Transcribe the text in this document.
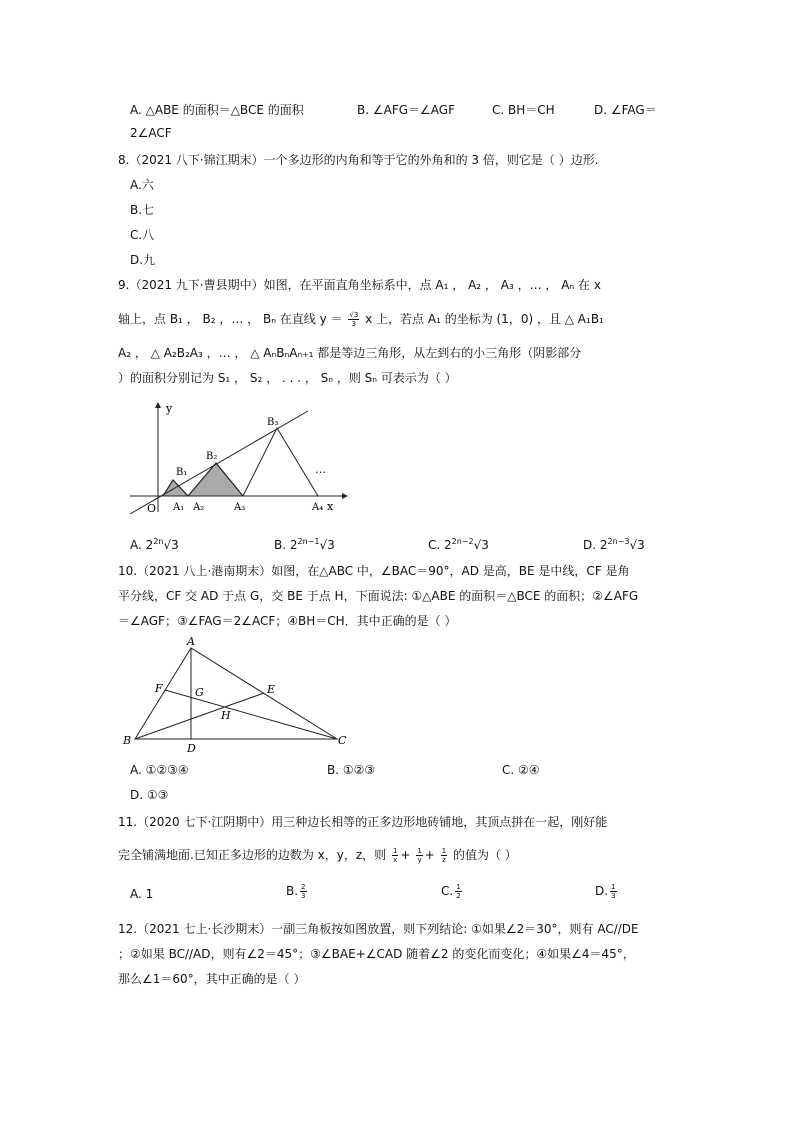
A. △ABE 的面积＝△BCE 的面积	B. ∠AFG＝∠AGF	C. BH＝CH	D. ∠FAG＝
2∠ACF
8.（2021 八下·锦江期末）一个多边形的内角和等于它的外角和的 3 倍，则它是（ ）边形.
A.六
B.七
C.八
D.九
9.（2021 九下·曹县期中）如图，在平面直角坐标系中，点 A₁ ， A₂ ， A₃ ，… ， Aₙ 在 x
轴上，点 B₁ ， B₂ ，… ， Bₙ 在直线 $y = \frac{√3}{3}$ x 上，若点 A₁ 的坐标为 (1，0) ，且 △ A₁B₁
A₂ ， △ A₂B₂A₃ ，… ， △ AₙBₙAₙ₊₁ 都是等边三角形，从左到右的小三角形（阴影部分
）的面积分别记为 S₁ ， S₂ ， . . . ， Sₙ ，则 Sₙ 可表示为（ ）
y
O	x
B₁
B₂
B₃
A₁ A₂	A₃	A₄
…
A. $2^{2n}√3$	B. $2^{2n-1}√3$	C. $2^{2n-2}√3$	D. $2^{2n-3}√3$
10.（2021 八上·港南期末）如图，在△ABC 中，∠BAC＝90°，AD 是高，BE 是中线，CF 是角
平分线，CF 交 AD 于点 G，交 BE 于点 H，下面说法: ①△ABE 的面积＝△BCE 的面积；②∠AFG
＝∠AGF；③∠FAG＝2∠ACF；④BH＝CH．其中正确的是（ ）
A
B	C
D
E
F	G
H
A. ①②③④	B. ①②③	C. ②④
D. ①③
11.（2020 七下·江阴期中）用三种边长相等的正多边形地砖铺地，其顶点拼在一起，刚好能
完全铺满地面.已知正多边形的边数为 x，y，z，则 $\frac{1}{x} + \frac{1}{y} + \frac{1}{z}$ 的值为（ ）
A. 1	B. $\frac{2}{3}$	C. $\frac{1}{2}$	D. $\frac{1}{3}$
12.（2021 七上·长沙期末）一副三角板按如图放置，则下列结论: ①如果∠2＝30°，则有 AC//DE
；②如果 BC//AD，则有∠2＝45°；③∠BAE+∠CAD 随着∠2 的变化而变化；④如果∠4＝45°，
那么∠1＝60°，其中正确的是（ ）
